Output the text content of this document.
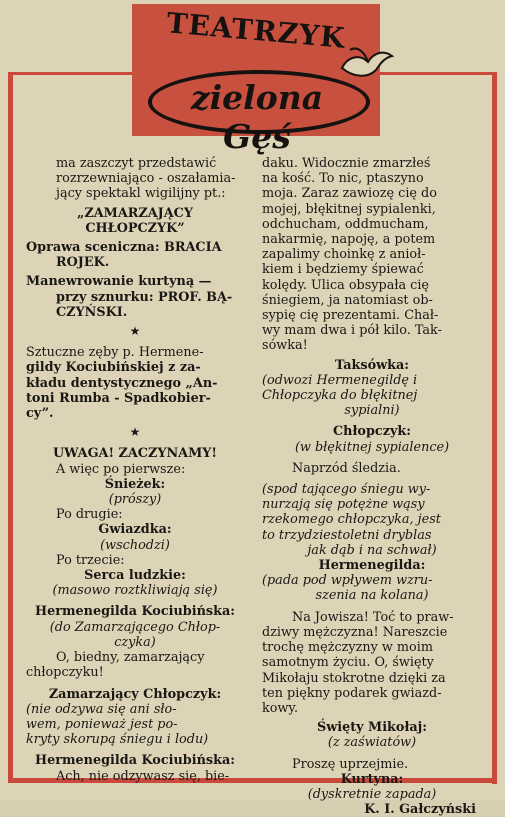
TEATRZYK
zielona Gęś
ma zaszczyt przedstawić
rozrzewniająco - oszałamia-
jący spektakl wigilijny pt.:
„ZAMARZAJĄCY
CHŁOPCZYK”
Oprawa sceniczna: BRACIA
ROJEK.
Manewrowanie kurtyną —
przy sznurku: PROF. BĄ-
CZYŃSKI.
★
Sztuczne zęby p. Hermene-
gildy Kociubińskiej z za-
kładu dentystycznego „An-
toni Rumba - Spadkobier-
cy”.
★
UWAGA! ZACZYNAMY!
A więc po pierwsze:
Śnieżek:
(prószy)
Po drugie:
Gwiazdka:
(wschodzi)
Po trzecie:
Serca ludzkie:
(masowo roztkliwiają się)
Hermenegilda Kociubińska:
(do Zamarzającego Chłop-
czyka)
O, biedny, zamarzający
chłopczyku!
Zamarzający Chłopczyk:
(nie odzywa się ani sło-
wem, ponieważ jest po-
kryty skorupą śniegu i lodu)
Hermenegilda Kociubińska:
Ach, nie odzywasz się, bie-
daku. Widocznie zmarzłeś
na kość. To nic, ptaszyno
moja. Zaraz zawiozę cię do
mojej, błękitnej sypialenki,
odchucham, oddmucham,
nakarmię, napoję, a potem
zapalimy choinkę z anioł-
kiem i będziemy śpiewać
kolędy. Ulica obsypała cię
śniegiem, ja natomiast ob-
sypię cię prezentami. Chał-
wy mam dwa i pół kilo. Tak-
sówka!
Taksówka:
(odwozi Hermenegildę i
Chłopczyka do błękitnej
sypialni)
Chłopczyk:
(w błękitnej sypialence)
Naprzód śledzia.
(spod tającego śniegu wy-
nurzają się potężne wąsy
rzekomego chłopczyka, jest
to trzydziestoletni dryblas
jak dąb i na schwał)
Hermenegilda:
(pada pod wpływem wzru-
szenia na kolana)
Na Jowisza! Toć to praw-
dziwy mężczyzna! Nareszcie
trochę mężczyzny w moim
samotnym życiu. O, święty
Mikołaju stokrotne dzięki za
ten piękny podarek gwiazd-
kowy.
Święty Mikołaj:
(z zaświatów)
Proszę uprzejmie.
Kurtyna:
(dyskretnie zapada)
K. I. Gałczyński
